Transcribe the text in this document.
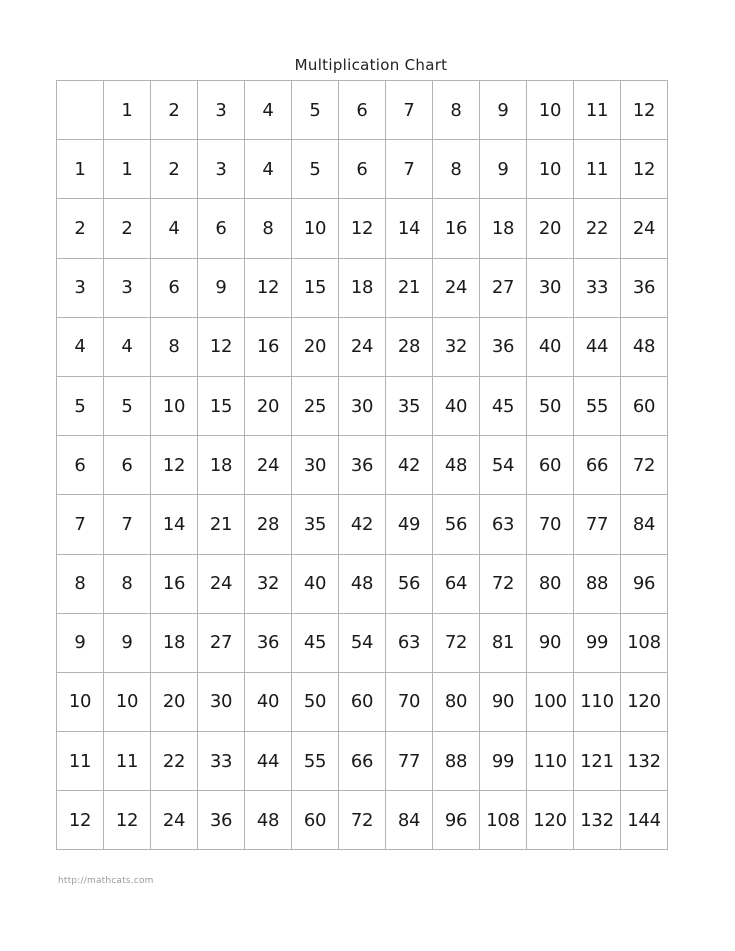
Multiplication Chart
	1	2	3	4	5	6	7	8	9	10	11	12
1	1	2	3	4	5	6	7	8	9	10	11	12
2	2	4	6	8	10	12	14	16	18	20	22	24
3	3	6	9	12	15	18	21	24	27	30	33	36
4	4	8	12	16	20	24	28	32	36	40	44	48
5	5	10	15	20	25	30	35	40	45	50	55	60
6	6	12	18	24	30	36	42	48	54	60	66	72
7	7	14	21	28	35	42	49	56	63	70	77	84
8	8	16	24	32	40	48	56	64	72	80	88	96
9	9	18	27	36	45	54	63	72	81	90	99	108
10	10	20	30	40	50	60	70	80	90	100	110	120
11	11	22	33	44	55	66	77	88	99	110	121	132
12	12	24	36	48	60	72	84	96	108	120	132	144
http://mathcats.com
